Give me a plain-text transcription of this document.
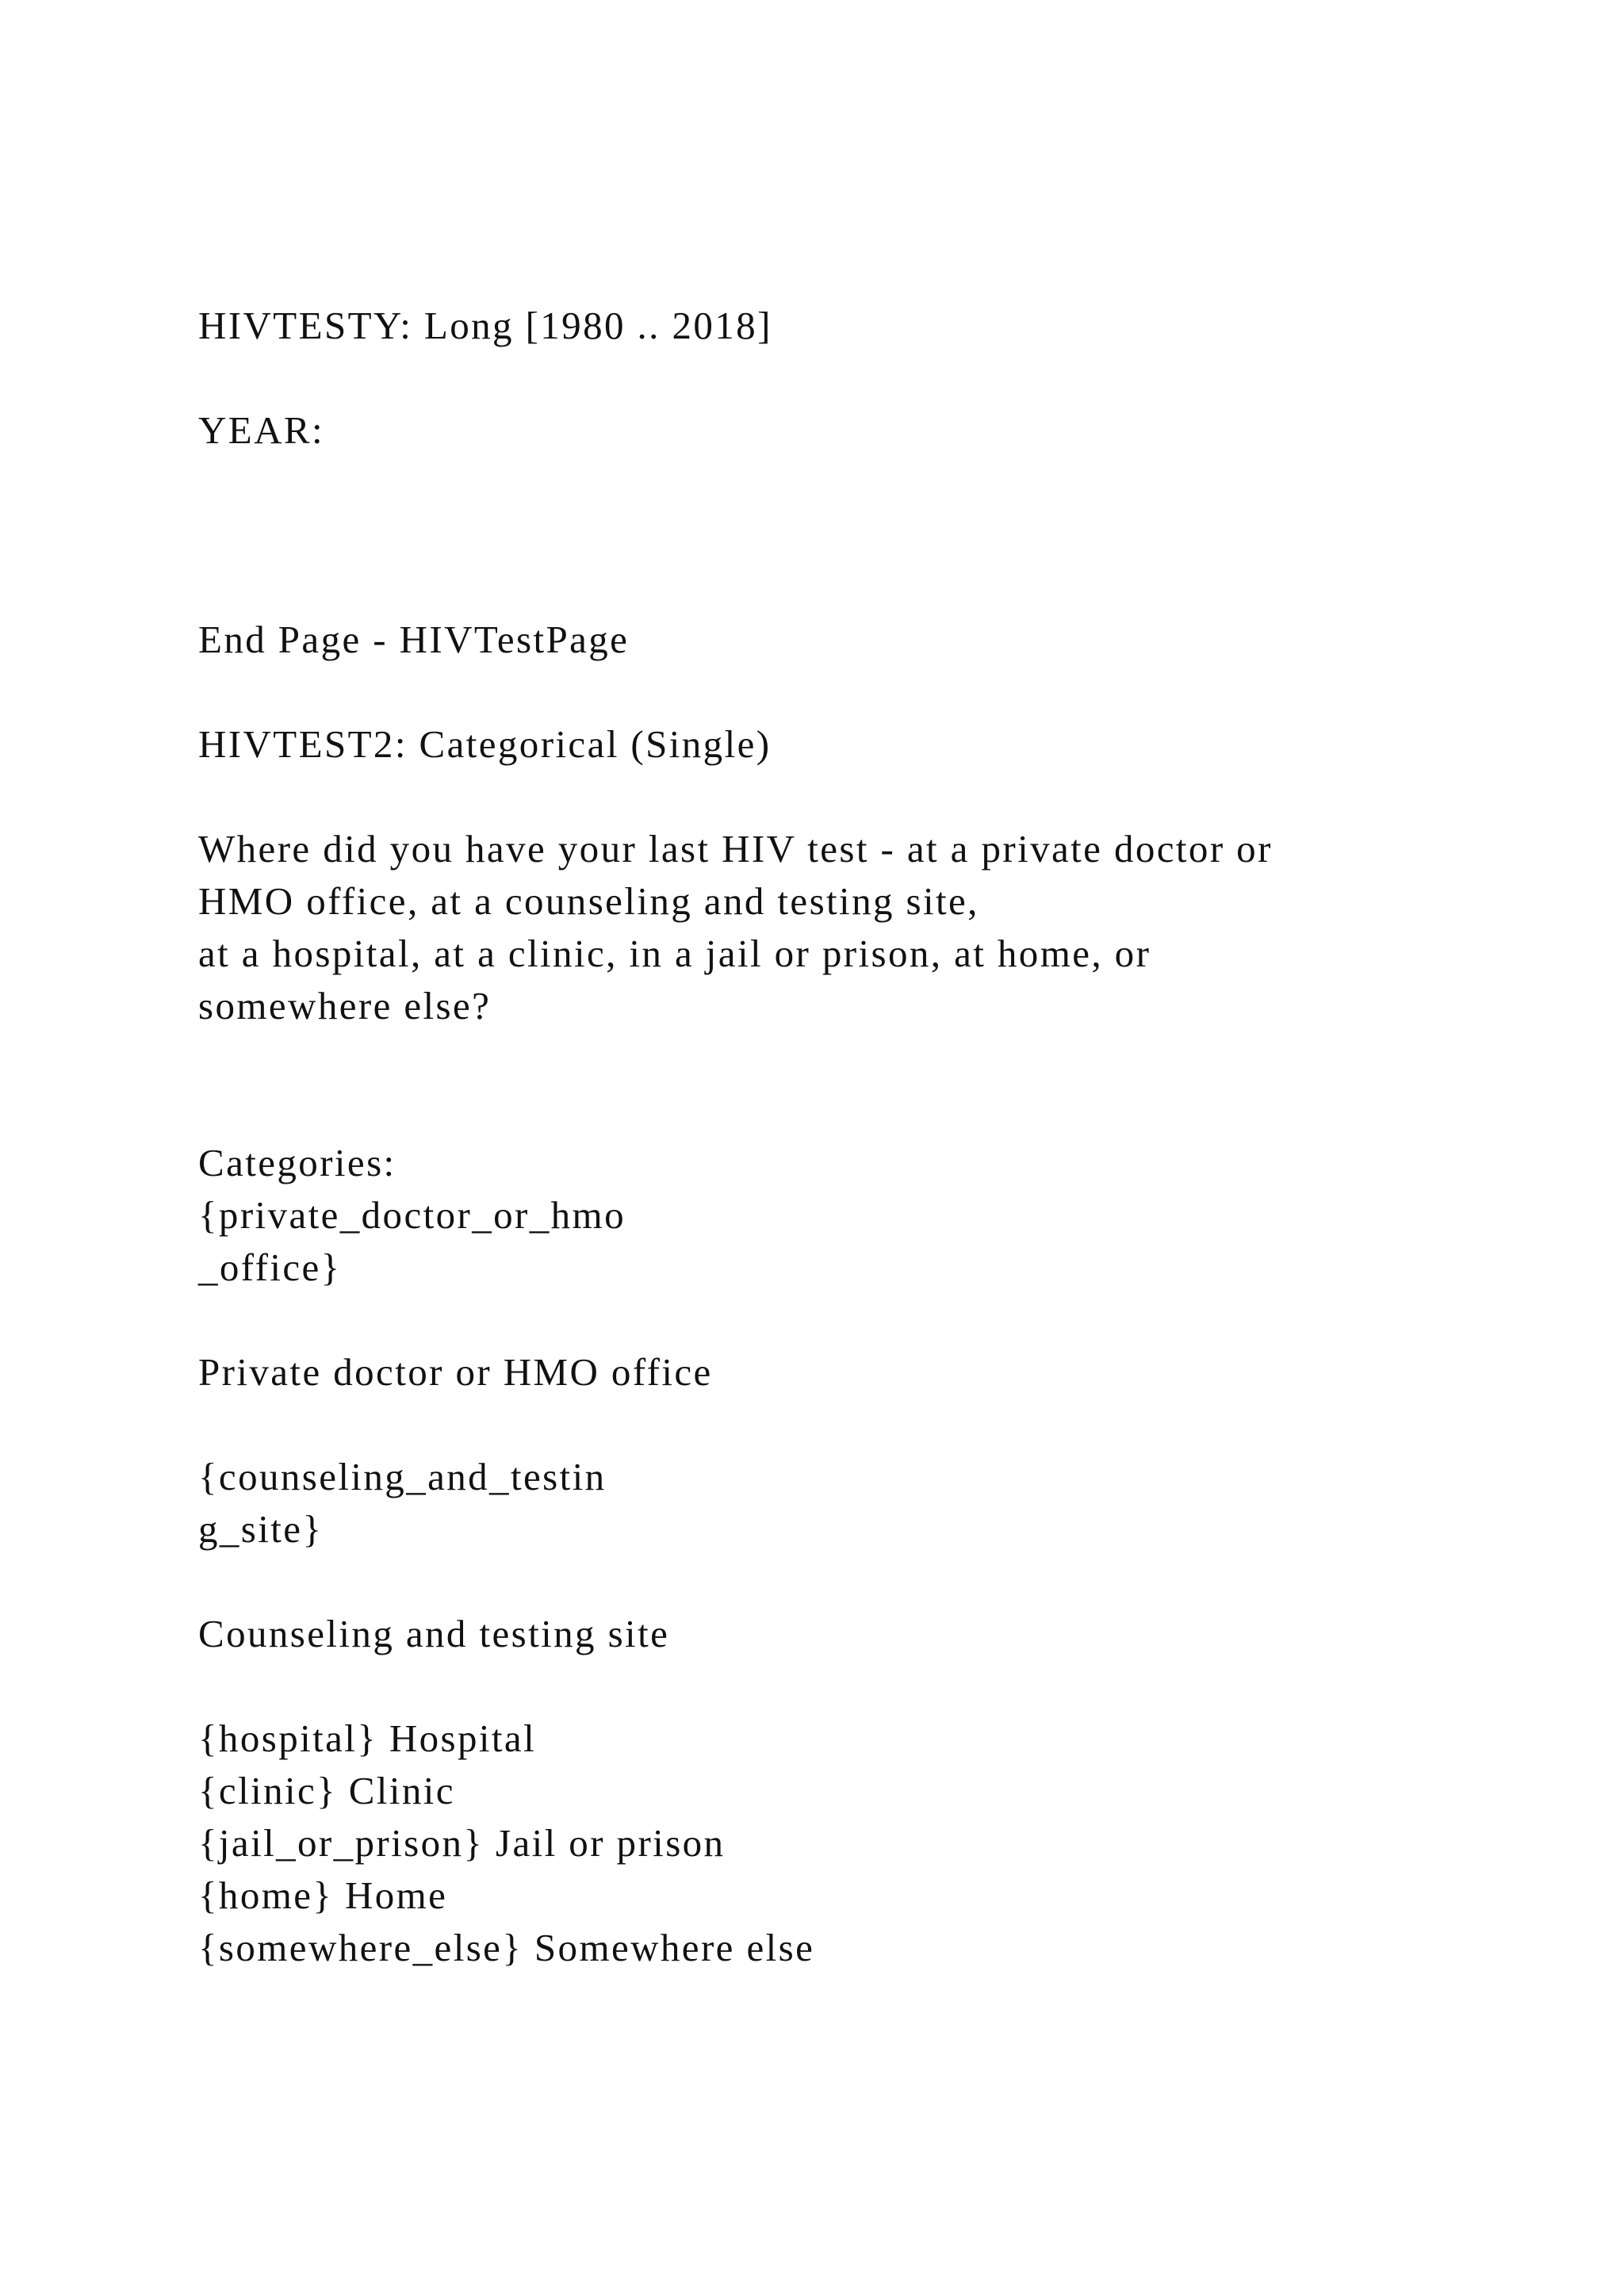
HIVTESTY: Long [1980 .. 2018]

YEAR:

End Page - HIVTestPage

HIVTEST2: Categorical (Single)

Where did you have your last HIV test - at a private doctor or

HMO office, at a counseling and testing site,

at a hospital, at a clinic, in a jail or prison, at home, or

somewhere else?

Categories:

{private_doctor_or_hmo

_office}

Private doctor or HMO office

{counseling_and_testin

g_site}

Counseling and testing site

{hospital} Hospital

{clinic} Clinic

{jail_or_prison} Jail or prison

{home} Home

{somewhere_else} Somewhere else
